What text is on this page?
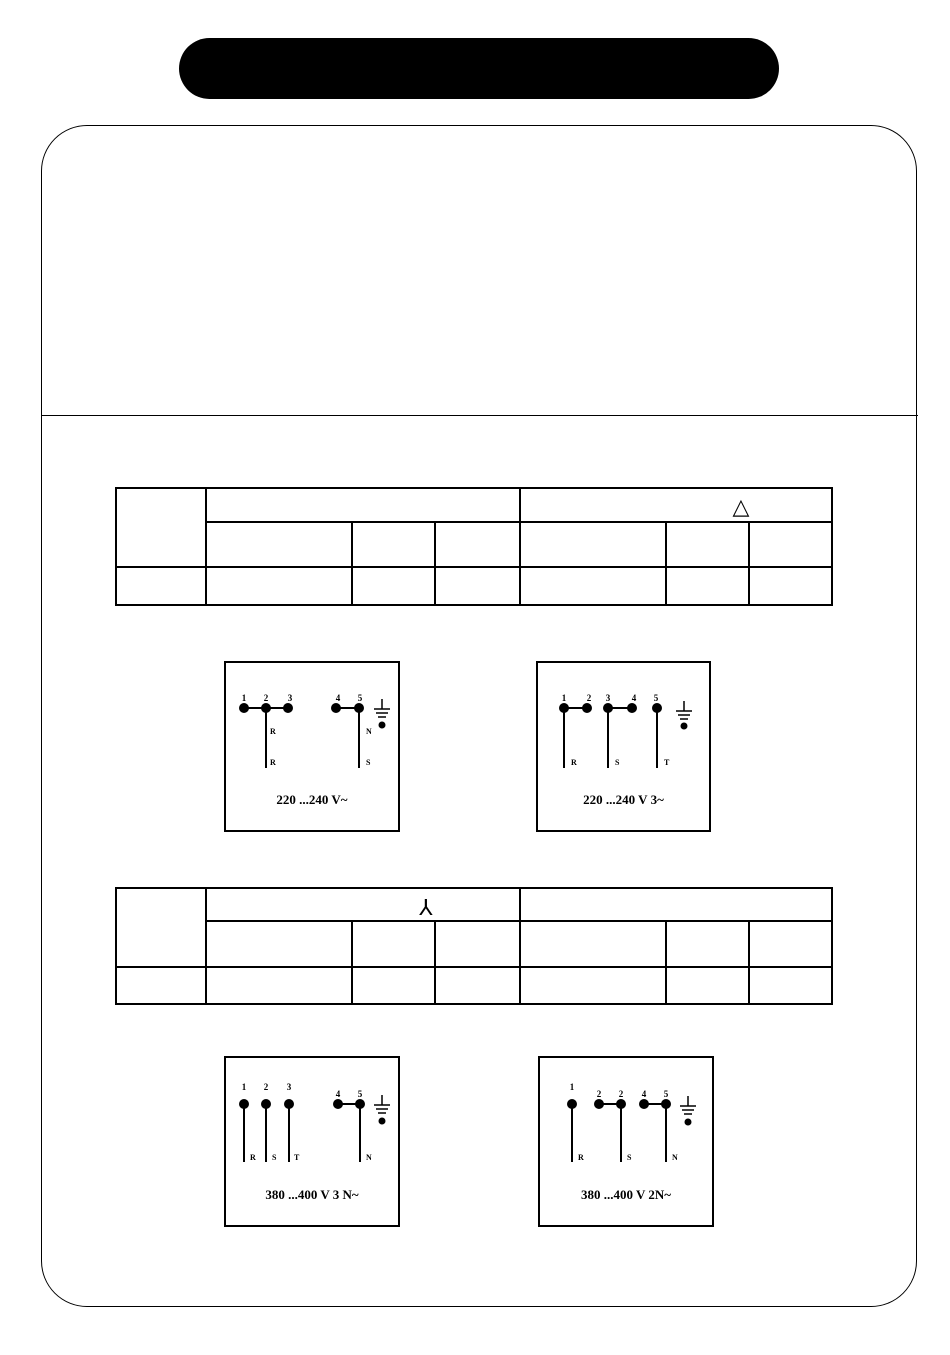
△
⅄
1 2 3	4 5
R
R
N
S
220 ...240 V~
1 2 3 4 5
R	S	T
220 ...240 V 3~
1 2 3
4 5
R S T	N
380 ...400 V 3 N~
1
2 2 4 5
R	S	N
380 ...400 V 2N~
